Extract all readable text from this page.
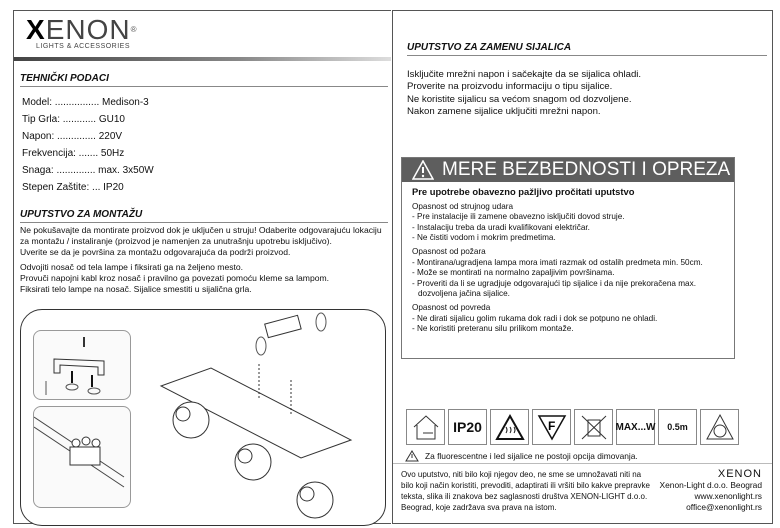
XENON®
LIGHTS & ACCESSORIES
TEHNIČKI PODACI
Model: ................ Medison-3
Tip Grla: ............ GU10
Napon: .............. 220V
Frekvencija: ....... 50Hz
Snaga: .............. max. 3x50W
Stepen Zaštite: ... IP20
UPUTSTVO ZA MONTAŽU
Ne pokušavajte da montirate proizvod dok je uključen u struju! Odaberite odgovarajuću lokaciju
za montažu / instaliranje (proizvod je namenjen za unutrašnju upotrebu isključivo).
Uverite se da je površina za montažu odgovarajuća da podrži proizvod.
Odvojiti nosač od tela lampe i fiksirati ga na željeno mesto.
Provuči napojni kabl kroz nosač i pravilno ga povezati pomoću kleme sa lampom.
Fiksirati telo lampe na nosač. Sijalice smestiti u sijalična grla.
UPUTSTVO ZA ZAMENU SIJALICA
Isključite mrežni napon i sačekajte da se sijalica ohladi.
Proverite na proizvodu informaciju o tipu sijalice.
Ne koristite sijalicu sa većom snagom od dozvoljene.
Nakon zamene sijalice uključiti mrežni napon.
MERE BEZBEDNOSTI I OPREZA
Pre upotrebe obavezno pažljivo pročitati uputstvo
Opasnost od strujnog udara
- Pre instalacije ili zamene obavezno isključiti dovod struje.
- Instalaciju treba da uradi kvalifikovani električar.
- Ne čistiti vodom i mokrim predmetima.
Opasnost od požara
- Montirana/ugradjena lampa mora imati razmak od ostalih predmeta min. 50cm.
- Može se montirati na normalno zapaljivim površinama.
- Proveriti da li se ugradjuje odgovarajući tip sijalice i da nije prekoračena max.
dozvoljena jačina sijalice.
Opasnost od povreda
- Ne dirati sijalicu golim rukama dok radi i dok se potpuno ne ohladi.
- Ne koristiti preteranu silu prilikom montaže.
IP20	F	MAX...W 0.5m
Za fluorescentne i led sijalice ne postoji opcija dimovanja.
Ovo uputstvo, niti bilo koji njegov deo, ne sme se umnožavati niti na
bilo koji način koristiti, prevoditi, adaptirati ili vršiti bilo kakve prepravke
teksta, slika ili znakova bez saglasnosti društva XENON-LIGHT d.o.o.
Beograd, koje zadržava sva prava na istom.
XENON
Xenon-Light d.o.o. Beograd
www.xenonlight.rs
office@xenonlight.rs
